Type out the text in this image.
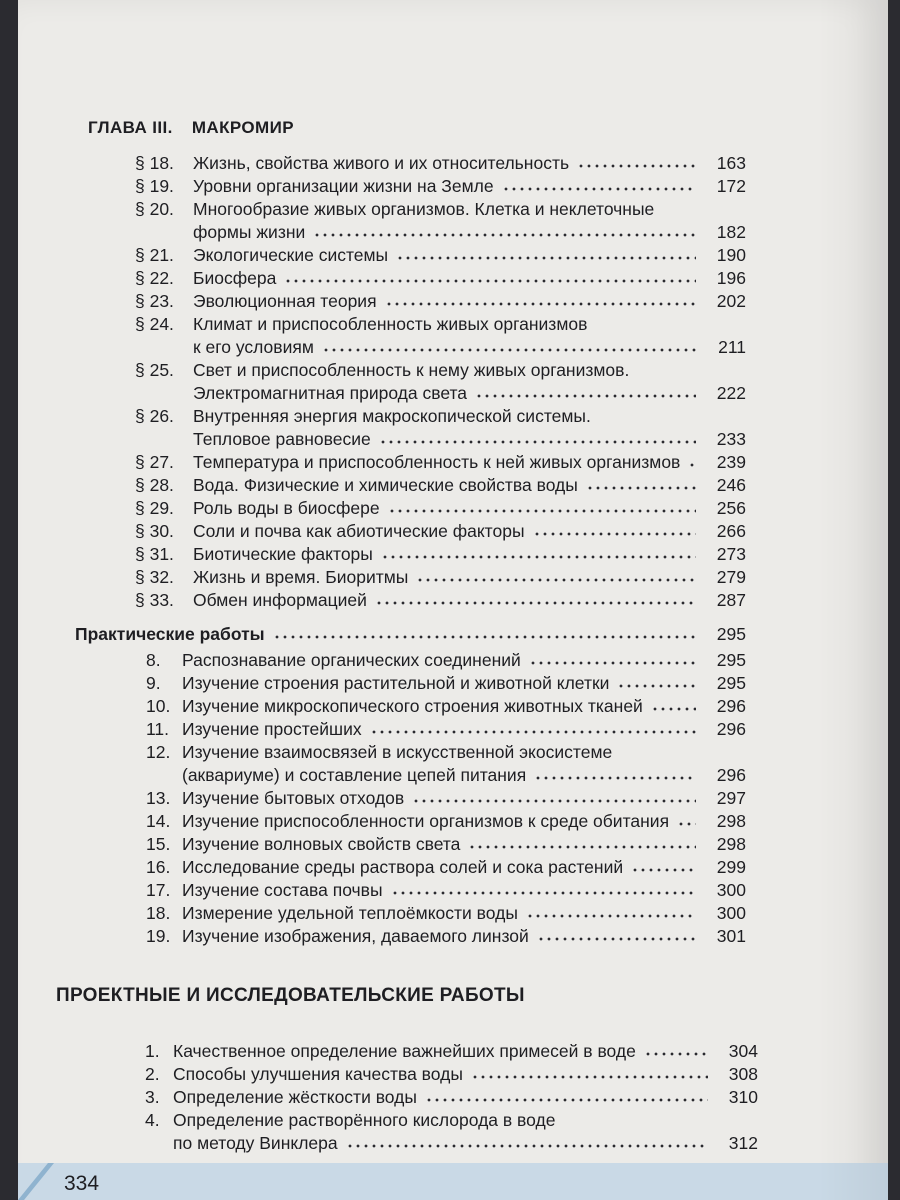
ГЛАВА III. МАКРОМИР
§ 18.	Жизнь, свойства живого и их относительность	163
§ 19.	Уровни организации жизни на Земле	172
§ 20.	Многообразие живых организмов. Клетка и неклеточные
формы жизни	182
§ 21.	Экологические системы	190
§ 22.	Биосфера	196
§ 23.	Эволюционная теория	202
§ 24.	Климат и приспособленность живых организмов
к его условиям	211
§ 25.	Свет и приспособленность к нему живых организмов.
Электромагнитная природа света	222
§ 26.	Внутренняя энергия макроскопической системы.
Тепловое равновесие	233
§ 27.	Температура и приспособленность к ней живых организмов	239
§ 28.	Вода. Физические и химические свойства воды	246
§ 29.	Роль воды в биосфере	256
§ 30.	Соли и почва как абиотические факторы	266
§ 31.	Биотические факторы	273
§ 32.	Жизнь и время. Биоритмы	279
§ 33.	Обмен информацией	287
Практические работы	295
8.	Распознавание органических соединений	295
9.	Изучение строения растительной и животной клетки	295
10. Изучение микроскопического строения животных тканей	296
11. Изучение простейших	296
12. Изучение взаимосвязей в искусственной экосистеме
(аквариуме) и составление цепей питания	296
13. Изучение бытовых отходов	297
14. Изучение приспособленности организмов к среде обитания	298
15. Изучение волновых свойств света	298
16. Исследование среды раствора солей и сока растений	299
17. Изучение состава почвы	300
18. Измерение удельной теплоёмкости воды	300
19. Изучение изображения, даваемого линзой	301
ПРОЕКТНЫЕ И ИССЛЕДОВАТЕЛЬСКИЕ РАБОТЫ
1. Качественное определение важнейших примесей в воде	304
2. Способы улучшения качества воды	308
3. Определение жёсткости воды	310
4. Определение растворённого кислорода в воде
по методу Винклера	312
334
